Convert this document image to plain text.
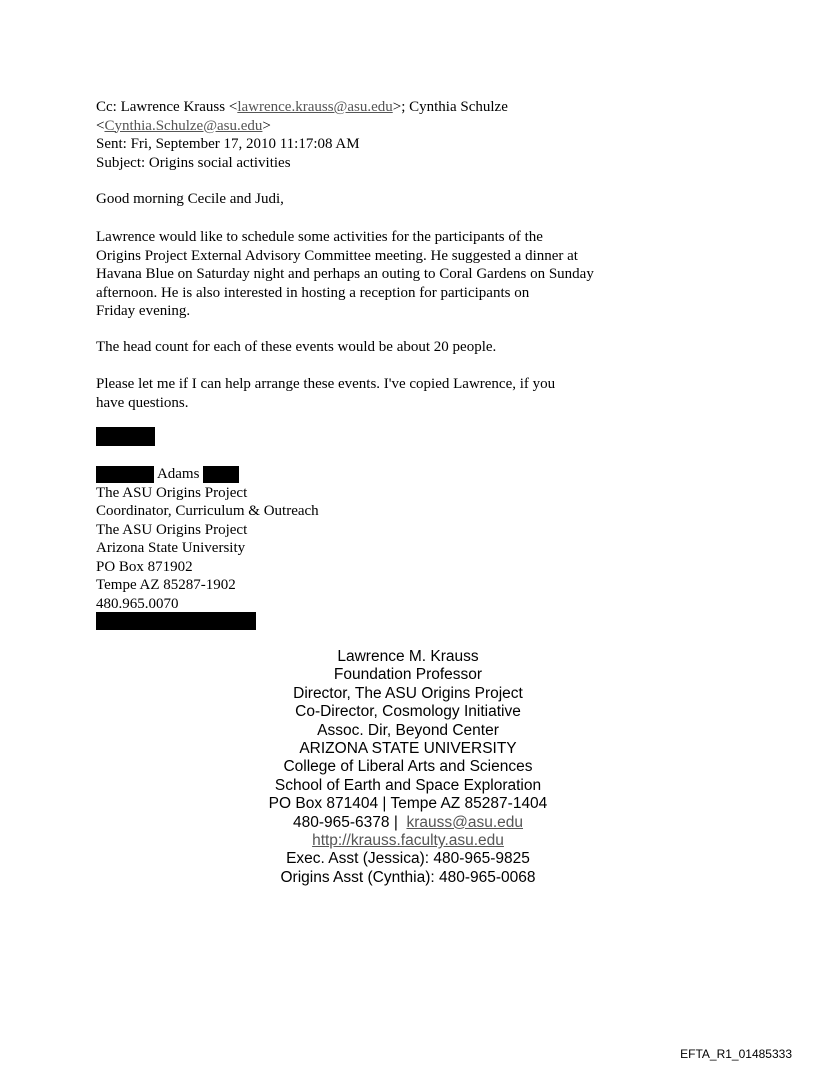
Cc: Lawrence Krauss <lawrence.krauss@asu.edu>; Cynthia Schulze
<Cynthia.Schulze@asu.edu>
Sent: Fri, September 17, 2010 11:17:08 AM
Subject: Origins social activities
Good morning Cecile and Judi,
Lawrence would like to schedule some activities for the participants of the
Origins Project External Advisory Committee meeting. He suggested a dinner at
Havana Blue on Saturday night and perhaps an outing to Coral Gardens on Sunday
afternoon. He is also interested in hosting a reception for participants on
Friday evening.
The head count for each of these events would be about 20 people.
Please let me if I can help arrange these events. I've copied Lawrence, if you
have questions.
Adams
The ASU Origins Project
Coordinator, Curriculum & Outreach
The ASU Origins Project
Arizona State University
PO Box 871902
Tempe AZ 85287-1902
480.965.0070
Lawrence M. Krauss
Foundation Professor
Director, The ASU Origins Project
Co-Director, Cosmology Initiative
Assoc. Dir, Beyond Center
ARIZONA STATE UNIVERSITY
College of Liberal Arts and Sciences
School of Earth and Space Exploration
PO Box 871404 | Tempe AZ 85287-1404
480-965-6378 |  krauss@asu.edu
http://krauss.faculty.asu.edu
Exec. Asst (Jessica): 480-965-9825
Origins Asst (Cynthia): 480-965-0068
EFTA_R1_01485333
